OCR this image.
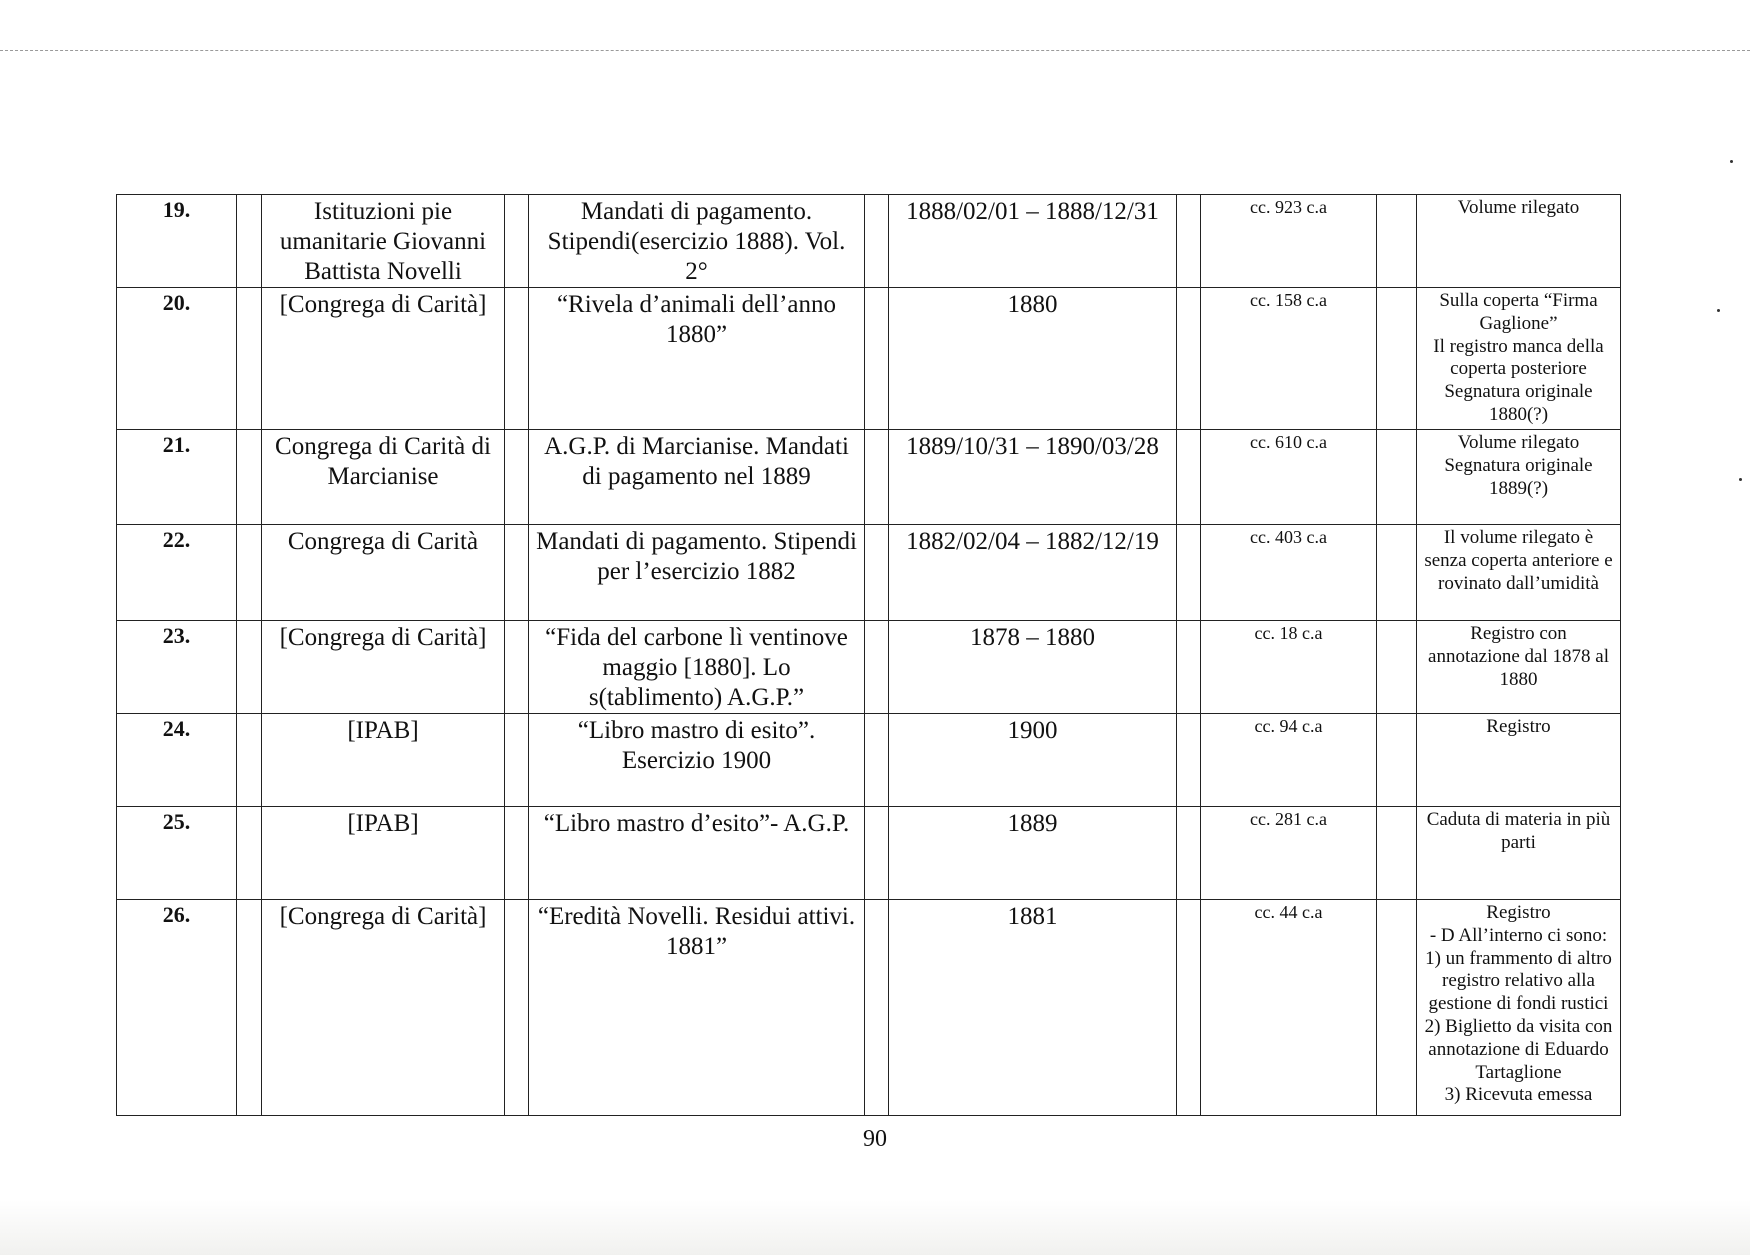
19.		Istituzioni pie umanitarie Giovanni Battista Novelli		Mandati di pagamento. Stipendi(esercizio 1888). Vol. 2°		1888/02/01 – 1888/12/31		cc. 923 c.a		Volume rilegato

20.		[Congrega di Carità]		“Rivela d’animali dell’anno 1880”		1880		cc. 158 c.a		Sulla coperta “Firma Gaglione”
Il registro manca della coperta posteriore
Segnatura originale 1880(?)

21.		Congrega di Carità di Marcianise		A.G.P. di Marcianise. Mandati di pagamento nel 1889		1889/10/31 – 1890/03/28		cc. 610 c.a		Volume rilegato
Segnatura originale 1889(?)

22.		Congrega di Carità		Mandati di pagamento. Stipendi per l’esercizio 1882		1882/02/04 – 1882/12/19		cc. 403 c.a		Il volume rilegato è senza coperta anteriore e rovinato dall’umidità

23.		[Congrega di Carità]		“Fida del carbone lì ventinove maggio [1880]. Lo s(tablimento) A.G.P.”		1878 – 1880		cc. 18 c.a		Registro con annotazione dal 1878 al 1880

24.		[IPAB]		“Libro mastro di esito”. Esercizio 1900		1900		cc. 94 c.a		Registro

25.		[IPAB]		“Libro mastro d’esito”- A.G.P.		1889		cc. 281 c.a		Caduta di materia in più parti

26.		[Congrega di Carità]		“Eredità Novelli. Residui attivi. 1881”		1881		cc. 44 c.a		Registro
- D All’interno ci sono:
1) un frammento di altro registro relativo alla gestione di fondi rustici
2) Biglietto da visita con annotazione di Eduardo Tartaglione
3) Ricevuta emessa
90
